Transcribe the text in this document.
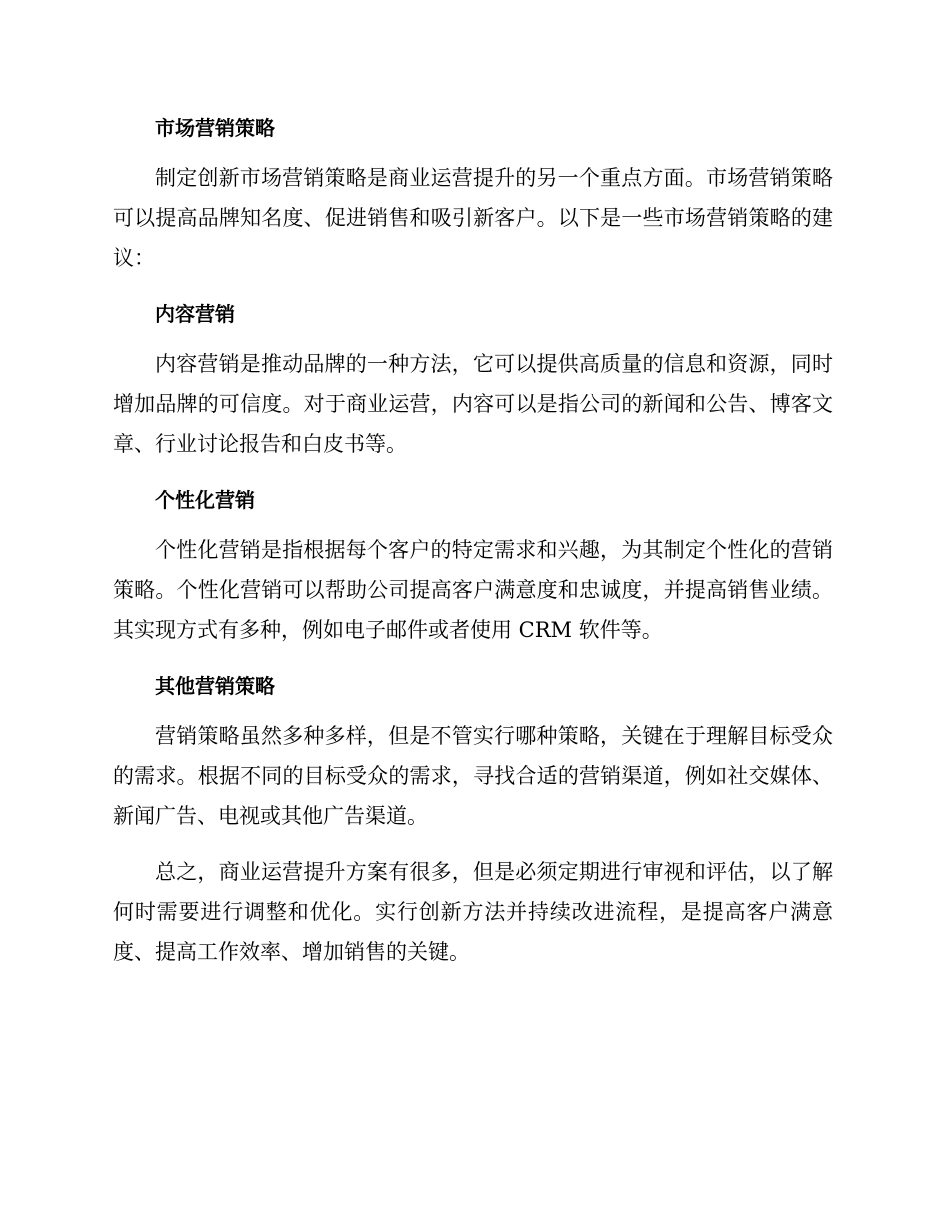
市场营销策略

制定创新市场营销策略是商业运营提升的另一个重点方面。市场营销策略可以提高品牌知名度、促进销售和吸引新客户。以下是一些市场营销策略的建议：

内容营销

内容营销是推动品牌的一种方法，它可以提供高质量的信息和资源，同时增加品牌的可信度。对于商业运营，内容可以是指公司的新闻和公告、博客文章、行业讨论报告和白皮书等。

个性化营销

个性化营销是指根据每个客户的特定需求和兴趣，为其制定个性化的营销策略。个性化营销可以帮助公司提高客户满意度和忠诚度，并提高销售业绩。其实现方式有多种，例如电子邮件或者使用 CRM 软件等。

其他营销策略

营销策略虽然多种多样，但是不管实行哪种策略，关键在于理解目标受众的需求。根据不同的目标受众的需求，寻找合适的营销渠道，例如社交媒体、新闻广告、电视或其他广告渠道。

总之，商业运营提升方案有很多，但是必须定期进行审视和评估，以了解何时需要进行调整和优化。实行创新方法并持续改进流程，是提高客户满意度、提高工作效率、增加销售的关键。
